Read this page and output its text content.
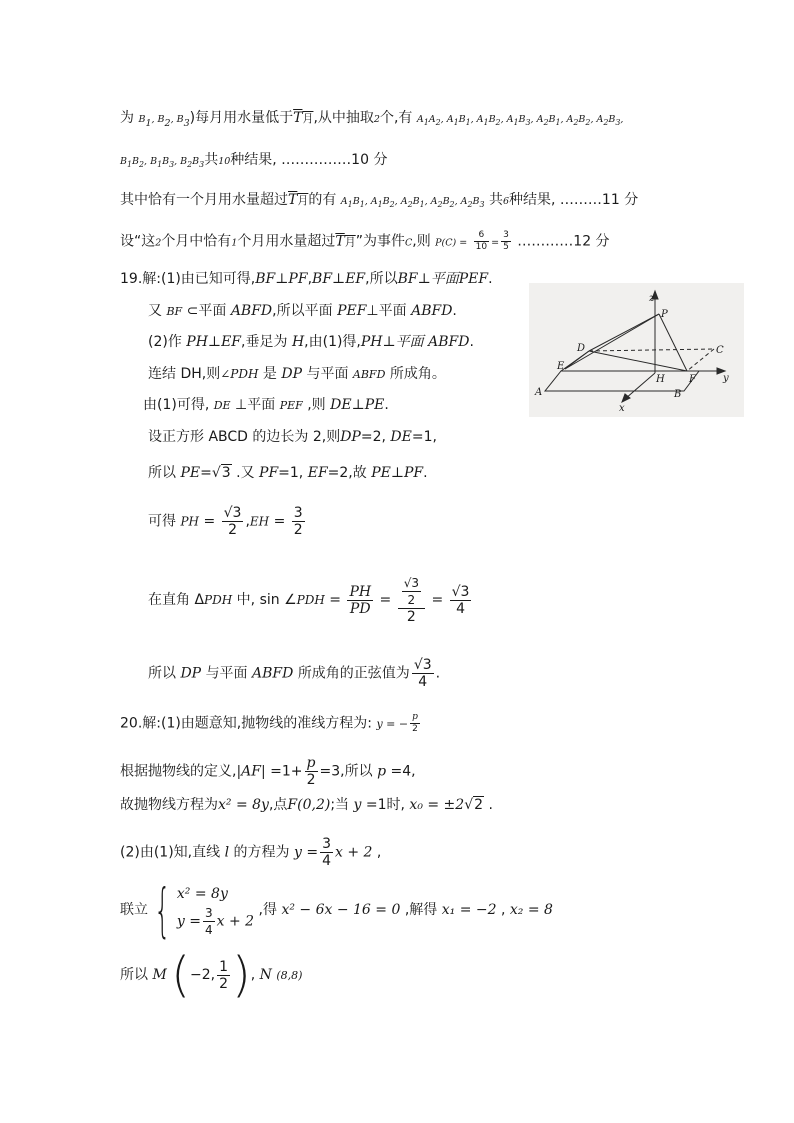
为 $B_1$, $B_2$, $B_3$)每月用水量低于$\overline{T}$月,从中抽取2个,有 $A_1A_2$, $A_1B_1$, $A_1B_2$, $A_1B_3$, $A_2B_1$, $A_2B_2$, $A_2B_3$,
$B_1B_2$, $B_1B_3$, $B_2B_3$共10种结果, ……………10 分
其中恰有一个月用水量超过$\overline{T}$月的有 $A_1B_1$, $A_1B_2$, $A_2B_1$, $A_2B_2$, $A_2B_3$ 共6种结果, ………11 分
设“这2个月中恰有1个月用水量超过$\overline{T}$月”为事件C,则 $P(C) = \frac{6}{10} = \frac{3}{5}$ …………12 分
19.解:(1)由已知可得,BF⊥PF,BF⊥EF,所以BF⊥平面PEF.
又 BF ⊂平面 ABFD,所以平面 PEF⊥平面 ABFD.
(2)作 PH⊥EF,垂足为 H,由(1)得,PH⊥平面 ABFD.
连结 DH,则∠PDH 是 DP 与平面 ABFD 所成角。
由(1)可得, DE ⊥平面 PEF ,则 DE⊥PE.
设正方形 ABCD 的边长为 2,则DP=2, DE=1,
所以 PE=√3 .又 PF=1, EF=2,故 PE⊥PF.
可得 PH = $\frac{√3}{2} ,EH = \frac{3}{2}$
在直角 ΔPDH 中, sin ∠PDH = $\frac{PH}{PD} = \frac{\frac{√3}{2}}{2} = \frac{√3}{4}$
所以 DP 与平面 ABFD 所成角的正弦值为 $\frac{√3}{4}$ .
20.解:(1)由题意知,抛物线的准线方程为: y = − $\frac{p}{2}$
根据抛物线的定义$,|AF| =1+ \frac{p}{2} =3$,所以 p =4,
故抛物线方程为x² = 8y,点F(0,2);当 y =1时, x₀ = ±2√2 .
(2)由(1)知,直线 l 的方程为 $y = \frac{3}{4}$ x + 2 ,
联立 { x² = 8y
$y = \frac{3}{4}$ x + 2
,得 x² − 6x − 16 = 0 ,解得 x₁ = −2 , x₂ = 8
所以 M (−2, $\frac{1}{2}$ ), N (8,8)
z
P
D	C
E
H F	y
A	B
x
